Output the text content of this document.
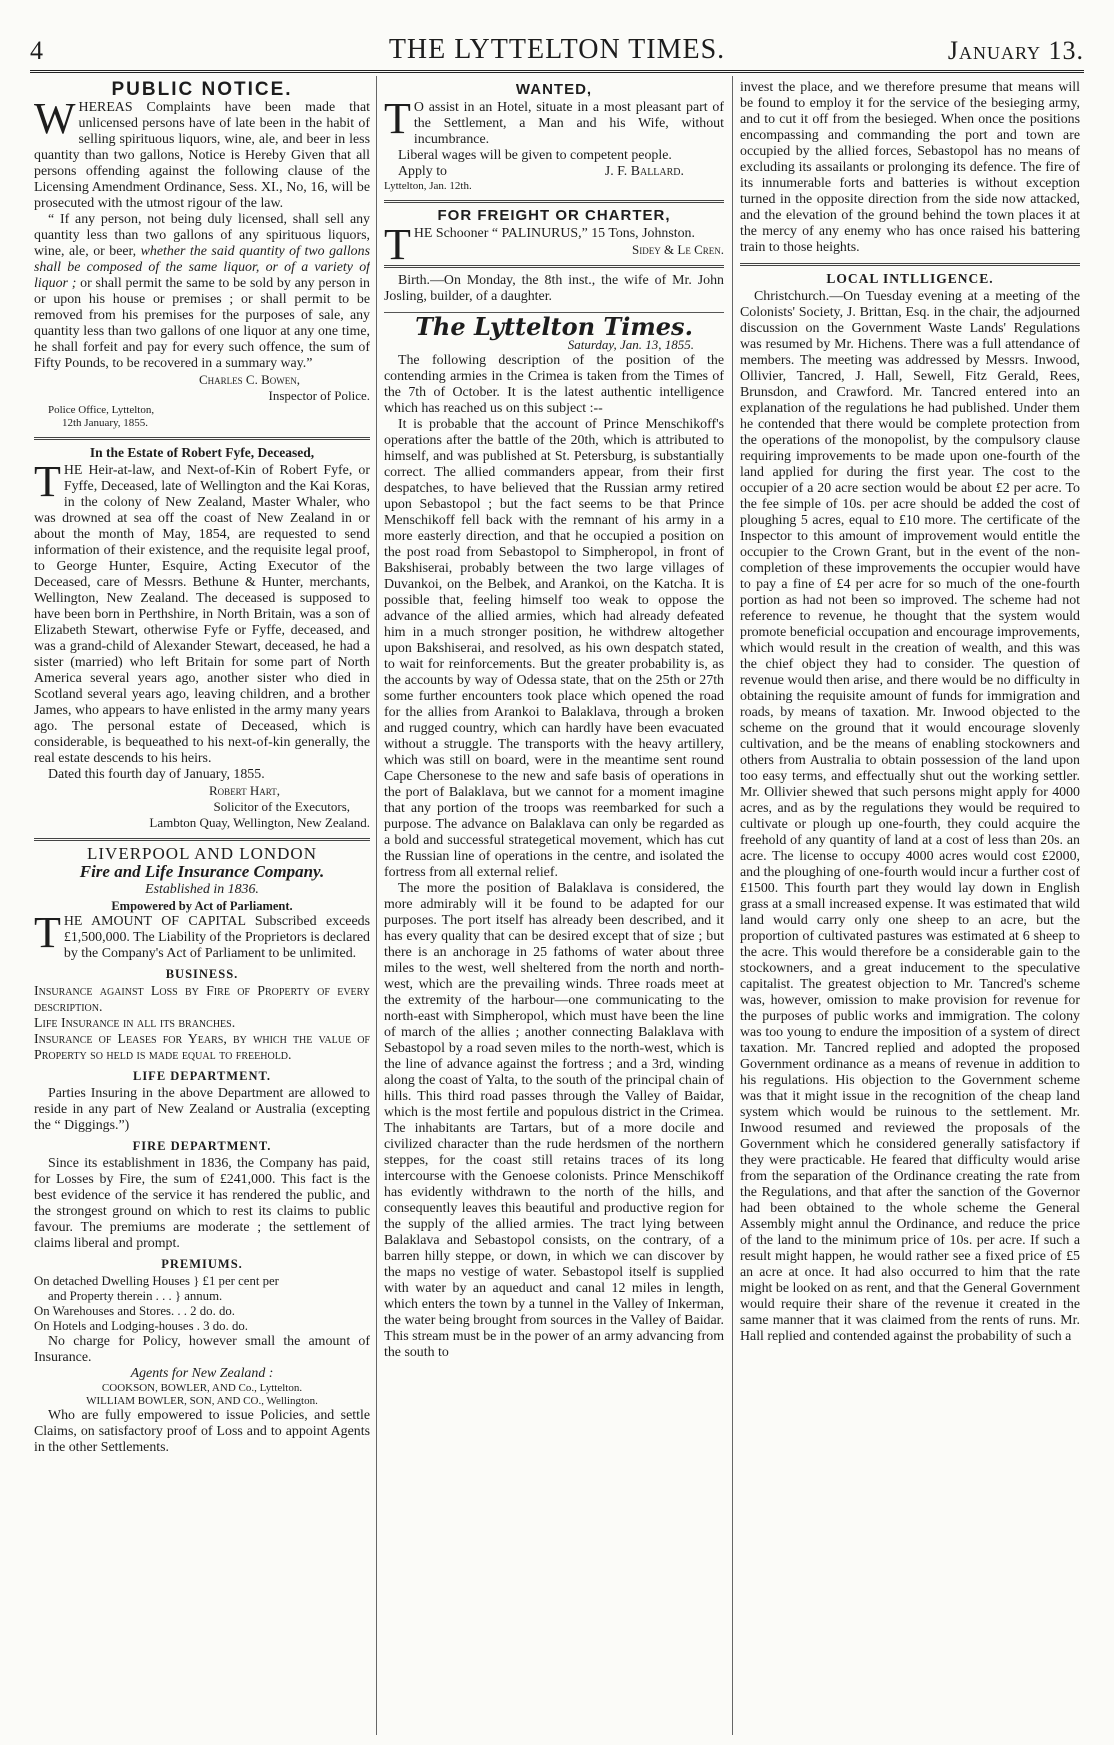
4	THE LYTTELTON TIMES.	January 13.
PUBLIC NOTICE.

WHEREAS Complaints have been made that unlicensed persons have of late been in the habit of selling spirituous liquors, wine, ale, and beer in less quantity than two gallons, Notice is Hereby Given that all persons offending against the following clause of the Licensing Amendment Ordinance, Sess. XI., No, 16, will be prosecuted with the utmost rigour of the law.

“ If any person, not being duly licensed, shall sell any quantity less than two gallons of any spirituous liquors, wine, ale, or beer, whether the said quantity of two gallons shall be composed of the same liquor, or of a variety of liquor ; or shall permit the same to be sold by any person in or upon his house or premises ; or shall permit to be removed from his premises for the purposes of sale, any quantity less than two gallons of one liquor at any one time, he shall forfeit and pay for every such offence, the sum of Fifty Pounds, to be recovered in a summary way.”

Charles C. Bowen,
Inspector of Police.
Police Office, Lyttelton,
12th January, 1855.
In the Estate of Robert Fyfe, Deceased,

THE Heir-at-law, and Next-of-Kin of Robert Fyfe, or Fyffe, Deceased, late of Wellington and the Kai Koras, in the colony of New Zealand, Master Whaler, who was drowned at sea off the coast of New Zealand in or about the month of May, 1854, are requested to send information of their existence, and the requisite legal proof, to George Hunter, Esquire, Acting Executor of the Deceased, care of Messrs. Bethune & Hunter, merchants, Wellington, New Zealand. The deceased is supposed to have been born in Perthshire, in North Britain, was a son of Elizabeth Stewart, otherwise Fyfe or Fyffe, deceased, and was a grand-child of Alexander Stewart, deceased, he had a sister (married) who left Britain for some part of North America several years ago, another sister who died in Scotland several years ago, leaving children, and a brother James, who appears to have enlisted in the army many years ago. The personal estate of Deceased, which is considerable, is bequeathed to his next-of-kin generally, the real estate descends to his heirs.

Dated this fourth day of January, 1855.

Robert Hart,
Solicitor of the Executors,
Lambton Quay, Wellington, New Zealand.
LIVERPOOL AND LONDON
Fire and Life Insurance Company.
Established in 1836.
Empowered by Act of Parliament.

THE AMOUNT OF CAPITAL Subscribed exceeds £1,500,000. The Liability of the Proprietors is declared by the Company's Act of Parliament to be unlimited.

BUSINESS.

Insurance against Loss by Fire of Property of every description.

Life Insurance in all its branches.

Insurance of Leases for Years, by which the value of Property so held is made equal to freehold.

LIFE DEPARTMENT.

Parties Insuring in the above Department are allowed to reside in any part of New Zealand or Australia (excepting the “ Diggings.”)

FIRE DEPARTMENT.

Since its establishment in 1836, the Company has paid, for Losses by Fire, the sum of £241,000. This fact is the best evidence of the service it has rendered the public, and the strongest ground on which to rest its claims to public favour. The premiums are moderate ; the settlement of claims liberal and prompt.

PREMIUMS.
On detached Dwelling Houses } £1 per cent per
and Property therein . . . } annum.
On Warehouses and Stores. . . 2 do. do.
On Hotels and Lodging-houses . 3 do. do.

No charge for Policy, however small the amount of Insurance.

Agents for New Zealand :
COOKSON, BOWLER, AND Co., Lyttelton.
WILLIAM BOWLER, SON, AND CO., Wellington.

Who are fully empowered to issue Policies, and settle Claims, on satisfactory proof of Loss and to appoint Agents in the other Settlements.

WANTED,

T O assist in an Hotel, situate in a most pleasant part of the Settlement, a Man and his Wife, without incumbrance.

Liberal wages will be given to competent people.

Apply to	J. F. Ballard.
Lyttelton, Jan. 12th.
FOR FREIGHT OR CHARTER,

THE Schooner “ PALINURUS,” 15 Tons, Johnston.

Sidey & Le Cren.

Birth.—On Monday, the 8th inst., the wife of Mr. John Josling, builder, of a daughter.

The Lyttelton Times.
Saturday, Jan. 13, 1855.

The following description of the position of the contending armies in the Crimea is taken from the Times of the 7th of October. It is the latest authentic intelligence which has reached us on this subject :--

It is probable that the account of Prince Menschikoff's operations after the battle of the 20th, which is attributed to himself, and was published at St. Petersburg, is substantially correct. The allied commanders appear, from their first despatches, to have believed that the Russian army retired upon Sebastopol ; but the fact seems to be that Prince Menschikoff fell back with the remnant of his army in a more easterly direction, and that he occupied a position on the post road from Sebastopol to Simpheropol, in front of Bakshiserai, probably between the two large villages of Duvankoi, on the Belbek, and Arankoi, on the Katcha. It is possible that, feeling himself too weak to oppose the advance of the allied armies, which had already defeated him in a much stronger position, he withdrew altogether upon Bakshiserai, and resolved, as his own despatch stated, to wait for reinforcements. But the greater probability is, as the accounts by way of Odessa state, that on the 25th or 27th some further encounters took place which opened the road for the allies from Arankoi to Balaklava, through a broken and rugged country, which can hardly have been evacuated without a struggle. The transports with the heavy artillery, which was still on board, were in the meantime sent round Cape Chersonese to the new and safe basis of operations in the port of Balaklava, but we cannot for a moment imagine that any portion of the troops was reembarked for such a purpose. The advance on Balaklava can only be regarded as a bold and successful strategetical movement, which has cut the Russian line of operations in the centre, and isolated the fortress from all external relief.

The more the position of Balaklava is considered, the more admirably will it be found to be adapted for our purposes. The port itself has already been described, and it has every quality that can be desired except that of size ; but there is an anchorage in 25 fathoms of water about three miles to the west, well sheltered from the north and north-west, which are the prevailing winds. Three roads meet at the extremity of the harbour—one communicating to the north-east with Simpheropol, which must have been the line of march of the allies ; another connecting Balaklava with Sebastopol by a road seven miles to the north-west, which is the line of advance against the fortress ; and a 3rd, winding along the coast of Yalta, to the south of the principal chain of hills. This third road passes through the Valley of Baidar, which is the most fertile and populous district in the Crimea. The inhabitants are Tartars, but of a more docile and civilized character than the rude herdsmen of the northern steppes, for the coast still retains traces of its long intercourse with the Genoese colonists. Prince Menschikoff has evidently withdrawn to the north of the hills, and consequently leaves this beautiful and productive region for the supply of the allied armies. The tract lying between Balaklava and Sebastopol consists, on the contrary, of a barren hilly steppe, or down, in which we can discover by the maps no vestige of water. Sebastopol itself is supplied with water by an aqueduct and canal 12 miles in length, which enters the town by a tunnel in the Valley of Inkerman, the water being brought from sources in the Valley of Baidar. This stream must be in the power of an army advancing from the south to

invest the place, and we therefore presume that means will be found to employ it for the service of the besieging army, and to cut it off from the besieged. When once the positions encompassing and commanding the port and town are occupied by the allied forces, Sebastopol has no means of excluding its assailants or prolonging its defence. The fire of its innumerable forts and batteries is without exception turned in the opposite direction from the side now attacked, and the elevation of the ground behind the town places it at the mercy of any enemy who has once raised his battering train to those heights.

LOCAL INTLLIGENCE.

Christchurch.—On Tuesday evening at a meeting of the Colonists' Society, J. Brittan, Esq. in the chair, the adjourned discussion on the Government Waste Lands' Regulations was resumed by Mr. Hichens. There was a full attendance of members. The meeting was addressed by Messrs. Inwood, Ollivier, Tancred, J. Hall, Sewell, Fitz Gerald, Rees, Brunsdon, and Crawford. Mr. Tancred entered into an explanation of the regulations he had published. Under them he contended that there would be complete protection from the operations of the monopolist, by the compulsory clause requiring improvements to be made upon one-fourth of the land applied for during the first year. The cost to the occupier of a 20 acre section would be about £2 per acre. To the fee simple of 10s. per acre should be added the cost of ploughing 5 acres, equal to £10 more. The certificate of the Inspector to this amount of improvement would entitle the occupier to the Crown Grant, but in the event of the non-completion of these improvements the occupier would have to pay a fine of £4 per acre for so much of the one-fourth portion as had not been so improved. The scheme had not reference to revenue, he thought that the system would promote beneficial occupation and encourage improvements, which would result in the creation of wealth, and this was the chief object they had to consider. The question of revenue would then arise, and there would be no difficulty in obtaining the requisite amount of funds for immigration and roads, by means of taxation. Mr. Inwood objected to the scheme on the ground that it would encourage slovenly cultivation, and be the means of enabling stockowners and others from Australia to obtain possession of the land upon too easy terms, and effectually shut out the working settler. Mr. Ollivier shewed that such persons might apply for 4000 acres, and as by the regulations they would be required to cultivate or plough up one-fourth, they could acquire the freehold of any quantity of land at a cost of less than 20s. an acre. The license to occupy 4000 acres would cost £2000, and the ploughing of one-fourth would incur a further cost of £1500. This fourth part they would lay down in English grass at a small increased expense. It was estimated that wild land would carry only one sheep to an acre, but the proportion of cultivated pastures was estimated at 6 sheep to the acre. This would therefore be a considerable gain to the stockowners, and a great inducement to the speculative capitalist. The greatest objection to Mr. Tancred's scheme was, however, omission to make provision for revenue for the purposes of public works and immigration. The colony was too young to endure the imposition of a system of direct taxation. Mr. Tancred replied and adopted the proposed Government ordinance as a means of revenue in addition to his regulations. His objection to the Government scheme was that it might issue in the recognition of the cheap land system which would be ruinous to the settlement. Mr. Inwood resumed and reviewed the proposals of the Government which he considered generally satisfactory if they were practicable. He feared that difficulty would arise from the separation of the Ordinance creating the rate from the Regulations, and that after the sanction of the Governor had been obtained to the whole scheme the General Assembly might annul the Ordinance, and reduce the price of the land to the minimum price of 10s. per acre. If such a result might happen, he would rather see a fixed price of £5 an acre at once. It had also occurred to him that the rate might be looked on as rent, and that the General Government would require their share of the revenue it created in the same manner that it was claimed from the rents of runs. Mr. Hall replied and contended against the probability of such a
